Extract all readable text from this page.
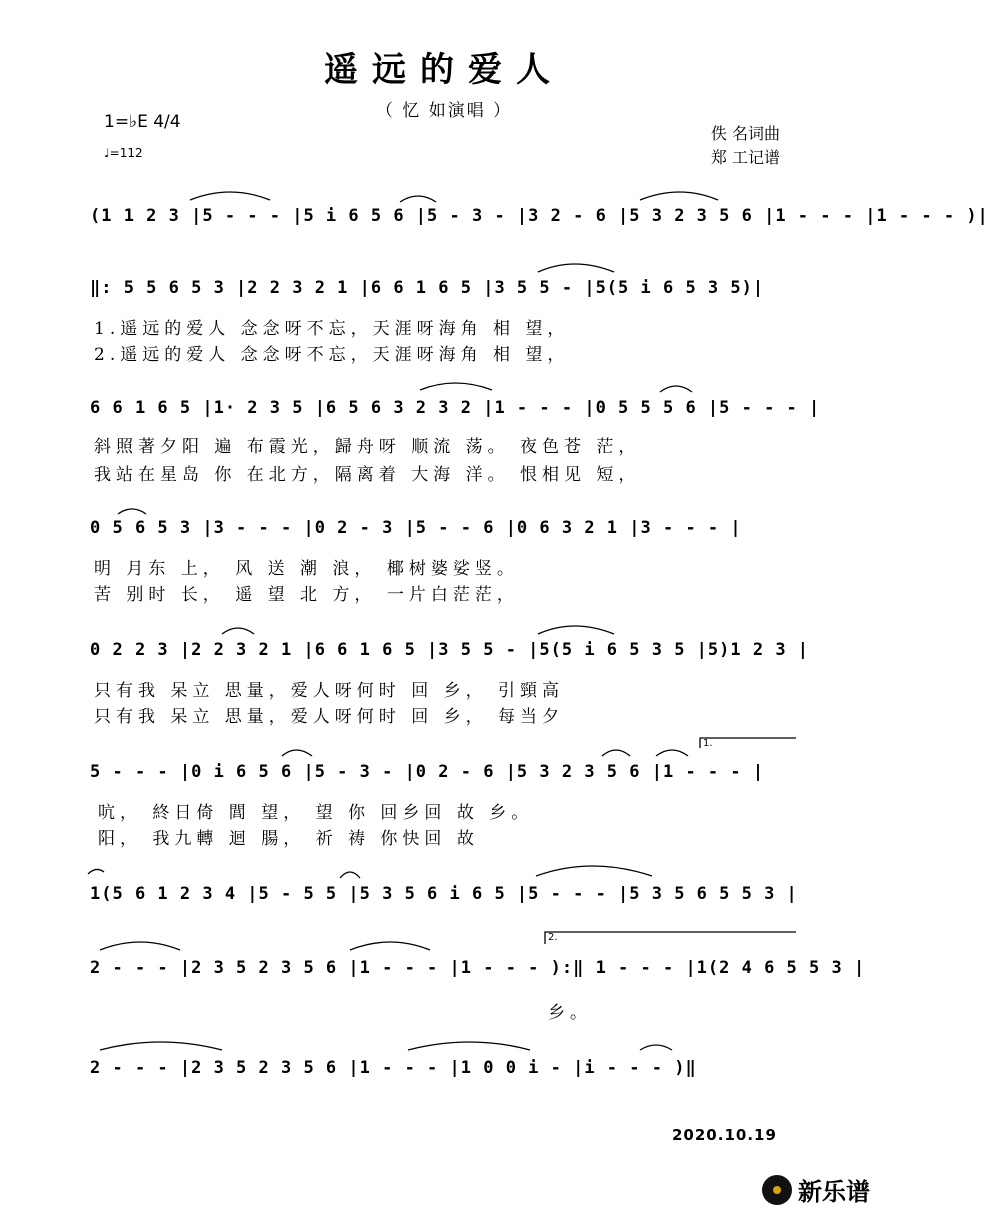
遥远的爱人
（ 忆 如演唱 ）
1=♭E 4/4
♩=112
佚 名词曲
郑 工记谱
(1 1 2 3 |5 - - - |5 i 6 5 6 |5 - 3 - |3 2 - 6 |5 3 2 3 5 6 |1 - - - |1 - - - )|
‖: 5 5 6 5 3 |2 2 3 2 1 |6 6 1 6 5 |3 5 5 - |5(5 i 6 5 3 5)|
1.遥远的爱人 念念呀不忘，天涯呀海角 相 望，
2.遥远的爱人 念念呀不忘，天涯呀海角 相 望，
6 6 1 6 5 |1· 2 3 5 |6 5 6 3 2 3 2 |1 - - - |0 5 5 5 6 |5 - - - |
斜照著夕阳 遍 布霞光，歸舟呀 顺流 荡。 夜色苍 茫，
我站在星岛 你 在北方，隔离着 大海 洋。 恨相见 短，
0 5 6 5 3 |3 - - - |0 2 - 3 |5 - - 6 |0 6 3 2 1 |3 - - - |
明 月东 上， 风 送 潮 浪， 椰树婆娑竖。
苦 别时 长， 遥 望 北 方， 一片白茫茫，
0 2 2 3 |2 2 3 2 1 |6 6 1 6 5 |3 5 5 - |5(5 i 6 5 3 5 |5)1 2 3 |
只有我 呆立 思量，爱人呀何时 回 乡， 引頸高
只有我 呆立 思量，爱人呀何时 回 乡， 每当夕
1.
5 - - - |0 i 6 5 6 |5 - 3 - |0 2 - 6 |5 3 2 3 5 6 |1 - - - |
吭， 終日倚 閭 望， 望 你 回乡回 故 乡。
阳， 我九轉 迴 腸， 祈 祷 你快回 故
1(5 6 1 2 3 4 |5 - 5 5 |5 3 5 6 i 6 5 |5 - - - |5 3 5 6 5 5 3 |
2.
2 - - - |2 3 5 2 3 5 6 |1 - - - |1 - - - ):‖ 1 - - - |1(2 4 6 5 5 3 |
乡。
2 - - - |2 3 5 2 3 5 6 |1 - - - |1 0 0 i - |i - - - )‖
2020.10.19
新乐谱
